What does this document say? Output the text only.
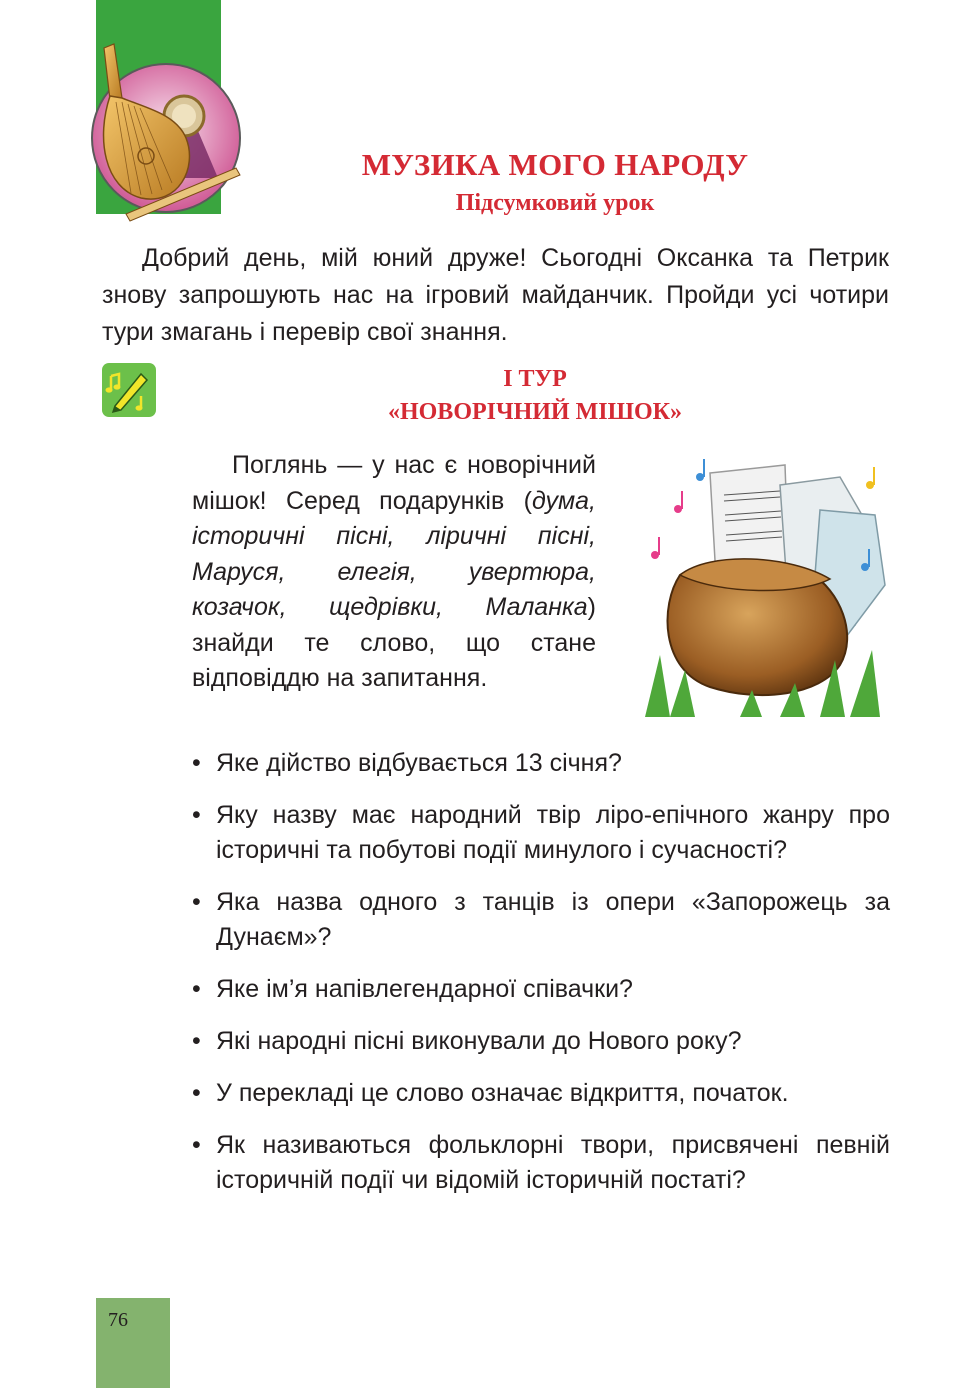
МУЗИКА МОГО НАРОДУ
Підсумковий урок

Добрий день, мій юний друже! Сьогодні Оксанка та Петрик знову запрошують нас на ігровий майданчик. Пройди усі чотири тури змагань і перевір свої знання.

І ТУР
«НОВОРІЧНИЙ МІШОК»

Поглянь — у нас є новорічний мішок! Серед подарунків (дума, історичні пісні, ліричні пісні, Маруся, елегія, увертюра, козачок, щедрівки, Маланка) знайди те слово, що стане відповіддю на запитання.

• Яке дійство відбувається 13 січня?
• Яку назву має народний твір ліро-епічного жанру про історичні та побутові події минулого і сучасності?
• Яка назва одного з танців із опери «Запорожець за Дунаєм»?
• Яке ім’я напівлегендарної співачки?
• Які народні пісні виконували до Нового року?
• У перекладі це слово означає відкриття, початок.
• Як називаються фольклорні твори, присвячені певній історичній події чи відомій історичній постаті?
76
